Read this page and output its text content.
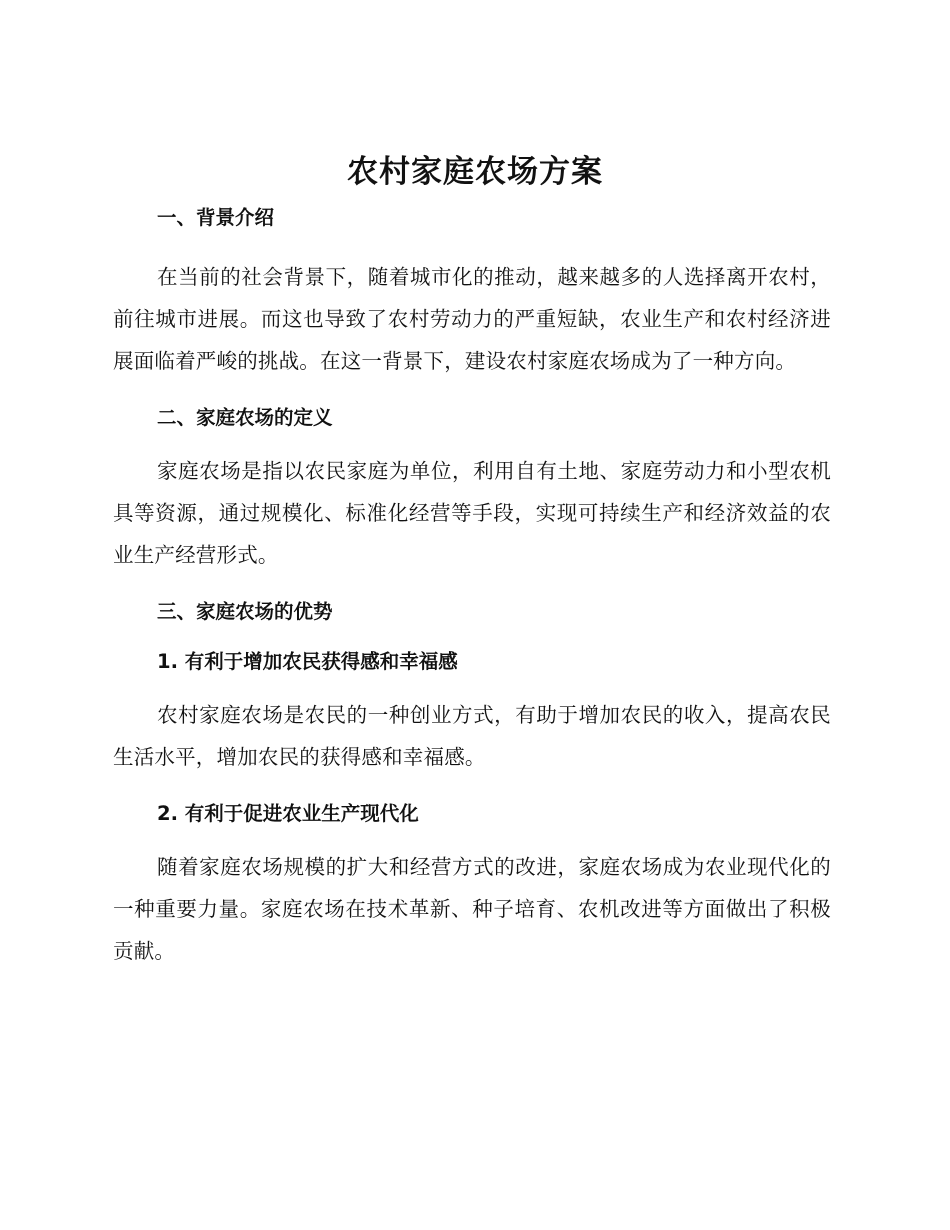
农村家庭农场方案
一、背景介绍

在当前的社会背景下，随着城市化的推动，越来越多的人选择离开农村，前往城市进展。而这也导致了农村劳动力的严重短缺，农业生产和农村经济进展面临着严峻的挑战。在这一背景下，建设农村家庭农场成为了一种方向。

二、家庭农场的定义

家庭农场是指以农民家庭为单位，利用自有土地、家庭劳动力和小型农机具等资源，通过规模化、标准化经营等手段，实现可持续生产和经济效益的农业生产经营形式。

三、家庭农场的优势
1. 有利于增加农民获得感和幸福感

农村家庭农场是农民的一种创业方式，有助于增加农民的收入，提高农民生活水平，增加农民的获得感和幸福感。

2. 有利于促进农业生产现代化

随着家庭农场规模的扩大和经营方式的改进，家庭农场成为农业现代化的一种重要力量。家庭农场在技术革新、种子培育、农机改进等方面做出了积极贡献。
